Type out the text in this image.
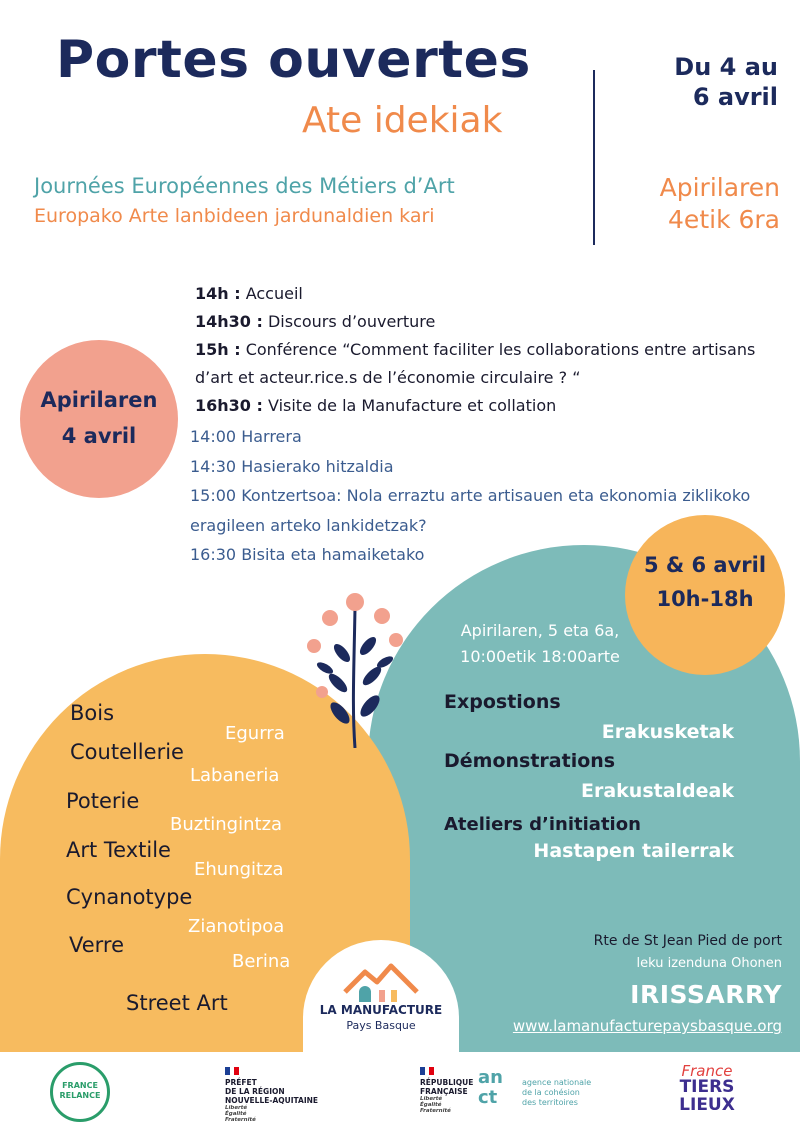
Portes ouvertes
Ate idekiak
Du 4 au
6 avril
Apirilaren
4etik 6ra
Journées Européennes des Métiers d’Art
Europako Arte lanbideen jardunaldien kari
Apirilaren
4 avril
14h : Accueil
14h30 : Discours d’ouverture
15h : Conférence “Comment faciliter les collaborations entre artisans d’art et acteur.rice.s de l’économie circulaire ? “
16h30 : Visite de la Manufacture et collation
14:00 Harrera
14:30 Hasierako hitzaldia
15:00 Kontzertsoa: Nola erraztu arte artisauen eta ekonomia ziklikoko eragileen arteko lankidetzak?
16:30 Bisita eta hamaiketako	5 & 6 avril
10h-18h
Apirilaren, 5 eta 6a,
10:00etik 18:00arte
Expostions
Erakusketak
Démonstrations
Erakustaldeak
Ateliers d’initiation
Hastapen tailerrak
Bois
Egurra
Coutellerie
Labaneria
Poterie
Buztingintza
Art Textile
Ehungitza
Cynanotype
Zianotipoa
Verre
Berina
Street Art
Rte de St Jean Pied de port
leku izenduna Ohonen
IRISSARRY
www.lamanufacturepaysbasque.org
LA MANUFACTURE
Pays Basque
FRANCE RELANCE
PRÉFET
DE LA RÉGION
NOUVELLE-AQUITAINE
Liberté
Égalité
Fraternité
RÉPUBLIQUE
FRANÇAISE
Liberté
Égalité
Fraternité
an
ct
agence nationale
de la cohésion
des territoires
France
TIERS
LIEUX
